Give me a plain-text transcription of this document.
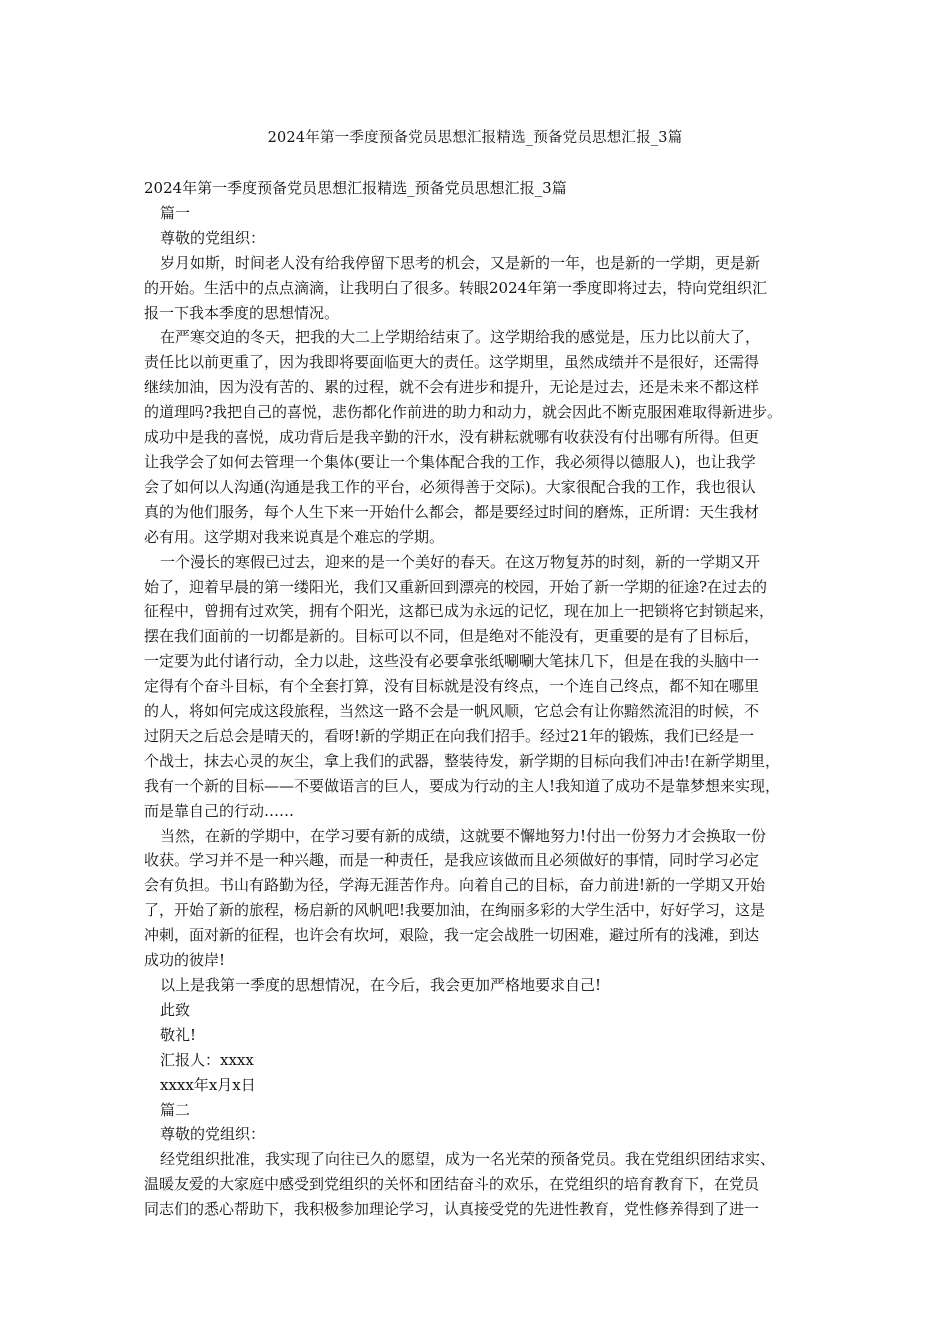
2024年第一季度预备党员思想汇报精选_预备党员思想汇报_3篇

2024年第一季度预备党员思想汇报精选_预备党员思想汇报_3篇

篇一

尊敬的党组织：

岁月如斯，时间老人没有给我停留下思考的机会，又是新的一年，也是新的一学期，更是新

的开始。生活中的点点滴滴，让我明白了很多。转眼2024年第一季度即将过去，特向党组织汇

报一下我本季度的思想情况。

在严寒交迫的冬天，把我的大二上学期给结束了。这学期给我的感觉是，压力比以前大了，

责任比以前更重了，因为我即将要面临更大的责任。这学期里，虽然成绩并不是很好，还需得

继续加油，因为没有苦的、累的过程，就不会有进步和提升，无论是过去，还是未来不都这样

的道理吗?我把自己的喜悦，悲伤都化作前进的助力和动力，就会因此不断克服困难取得新进步。

成功中是我的喜悦，成功背后是我辛勤的汗水，没有耕耘就哪有收获没有付出哪有所得。但更

让我学会了如何去管理一个集体(要让一个集体配合我的工作，我必须得以德服人)，也让我学

会了如何以人沟通(沟通是我工作的平台，必须得善于交际)。大家很配合我的工作，我也很认

真的为他们服务，每个人生下来一开始什么都会，都是要经过时间的磨炼，正所谓：天生我材

必有用。这学期对我来说真是个难忘的学期。

一个漫长的寒假已过去，迎来的是一个美好的春天。在这万物复苏的时刻，新的一学期又开

始了，迎着早晨的第一缕阳光，我们又重新回到漂亮的校园，开始了新一学期的征途?在过去的

征程中，曾拥有过欢笑，拥有个阳光，这都已成为永远的记忆，现在加上一把锁将它封锁起来，

摆在我们面前的一切都是新的。目标可以不同，但是绝对不能没有，更重要的是有了目标后，

一定要为此付诸行动，全力以赴，这些没有必要拿张纸唰唰大笔抹几下，但是在我的头脑中一

定得有个奋斗目标，有个全套打算，没有目标就是没有终点，一个连自己终点，都不知在哪里

的人，将如何完成这段旅程，当然这一路不会是一帆风顺，它总会有让你黯然流泪的时候，不

过阴天之后总会是晴天的，看呀!新的学期正在向我们招手。经过21年的锻炼，我们已经是一

个战士，抹去心灵的灰尘，拿上我们的武器，整装待发，新学期的目标向我们冲击!在新学期里，

我有一个新的目标——不要做语言的巨人，要成为行动的主人!我知道了成功不是靠梦想来实现，

而是靠自己的行动……

当然，在新的学期中，在学习要有新的成绩，这就要不懈地努力!付出一份努力才会换取一份

收获。学习并不是一种兴趣，而是一种责任，是我应该做而且必须做好的事情，同时学习必定

会有负担。书山有路勤为径，学海无涯苦作舟。向着自己的目标，奋力前进!新的一学期又开始

了，开始了新的旅程，杨启新的风帆吧!我要加油，在绚丽多彩的大学生活中，好好学习，这是

冲刺，面对新的征程，也许会有坎坷，艰险，我一定会战胜一切困难，避过所有的浅滩，到达

成功的彼岸!

以上是我第一季度的思想情况，在今后，我会更加严格地要求自己!

此致

敬礼!

汇报人：xxxx

xxxx年x月x日

篇二

尊敬的党组织：

经党组织批准，我实现了向往已久的愿望，成为一名光荣的预备党员。我在党组织团结求实、

温暖友爱的大家庭中感受到党组织的关怀和团结奋斗的欢乐，在党组织的培育教育下，在党员

同志们的悉心帮助下，我积极参加理论学习，认真接受党的先进性教育，党性修养得到了进一
